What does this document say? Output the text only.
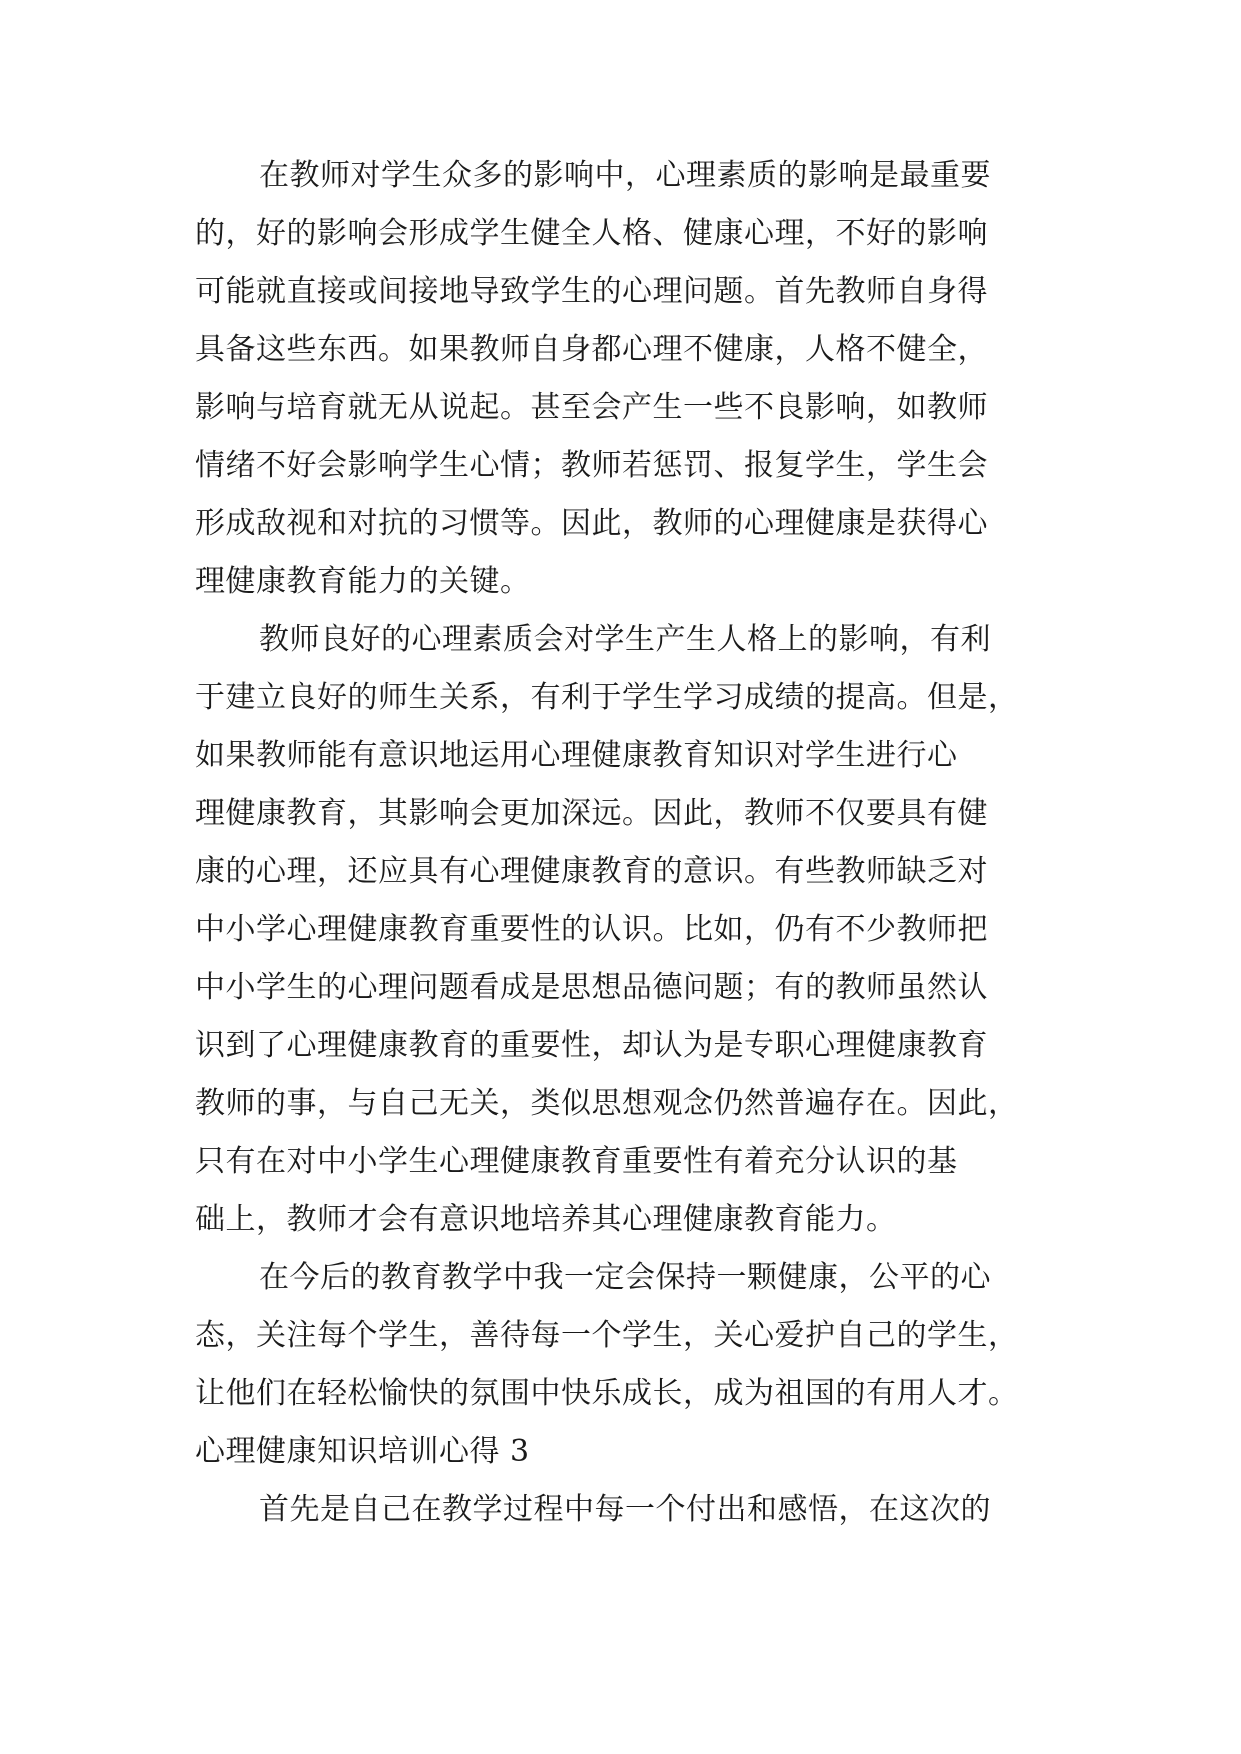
在教师对学生众多的影响中，心理素质的影响是最重要
的，好的影响会形成学生健全人格、健康心理，不好的影响
可能就直接或间接地导致学生的心理问题。首先教师自身得
具备这些东西。如果教师自身都心理不健康，人格不健全，
影响与培育就无从说起。甚至会产生一些不良影响，如教师
情绪不好会影响学生心情；教师若惩罚、报复学生，学生会
形成敌视和对抗的习惯等。因此，教师的心理健康是获得心
理健康教育能力的关键。
教师良好的心理素质会对学生产生人格上的影响，有利
于建立良好的师生关系，有利于学生学习成绩的提高。但是，
如果教师能有意识地运用心理健康教育知识对学生进行心
理健康教育，其影响会更加深远。因此，教师不仅要具有健
康的心理，还应具有心理健康教育的意识。有些教师缺乏对
中小学心理健康教育重要性的认识。比如，仍有不少教师把
中小学生的心理问题看成是思想品德问题；有的教师虽然认
识到了心理健康教育的重要性，却认为是专职心理健康教育
教师的事，与自己无关，类似思想观念仍然普遍存在。因此，
只有在对中小学生心理健康教育重要性有着充分认识的基
础上，教师才会有意识地培养其心理健康教育能力。
在今后的教育教学中我一定会保持一颗健康，公平的心
态，关注每个学生，善待每一个学生，关心爱护自己的学生，
让他们在轻松愉快的氛围中快乐成长，成为祖国的有用人才。
心理健康知识培训心得 3
首先是自己在教学过程中每一个付出和感悟，在这次的
